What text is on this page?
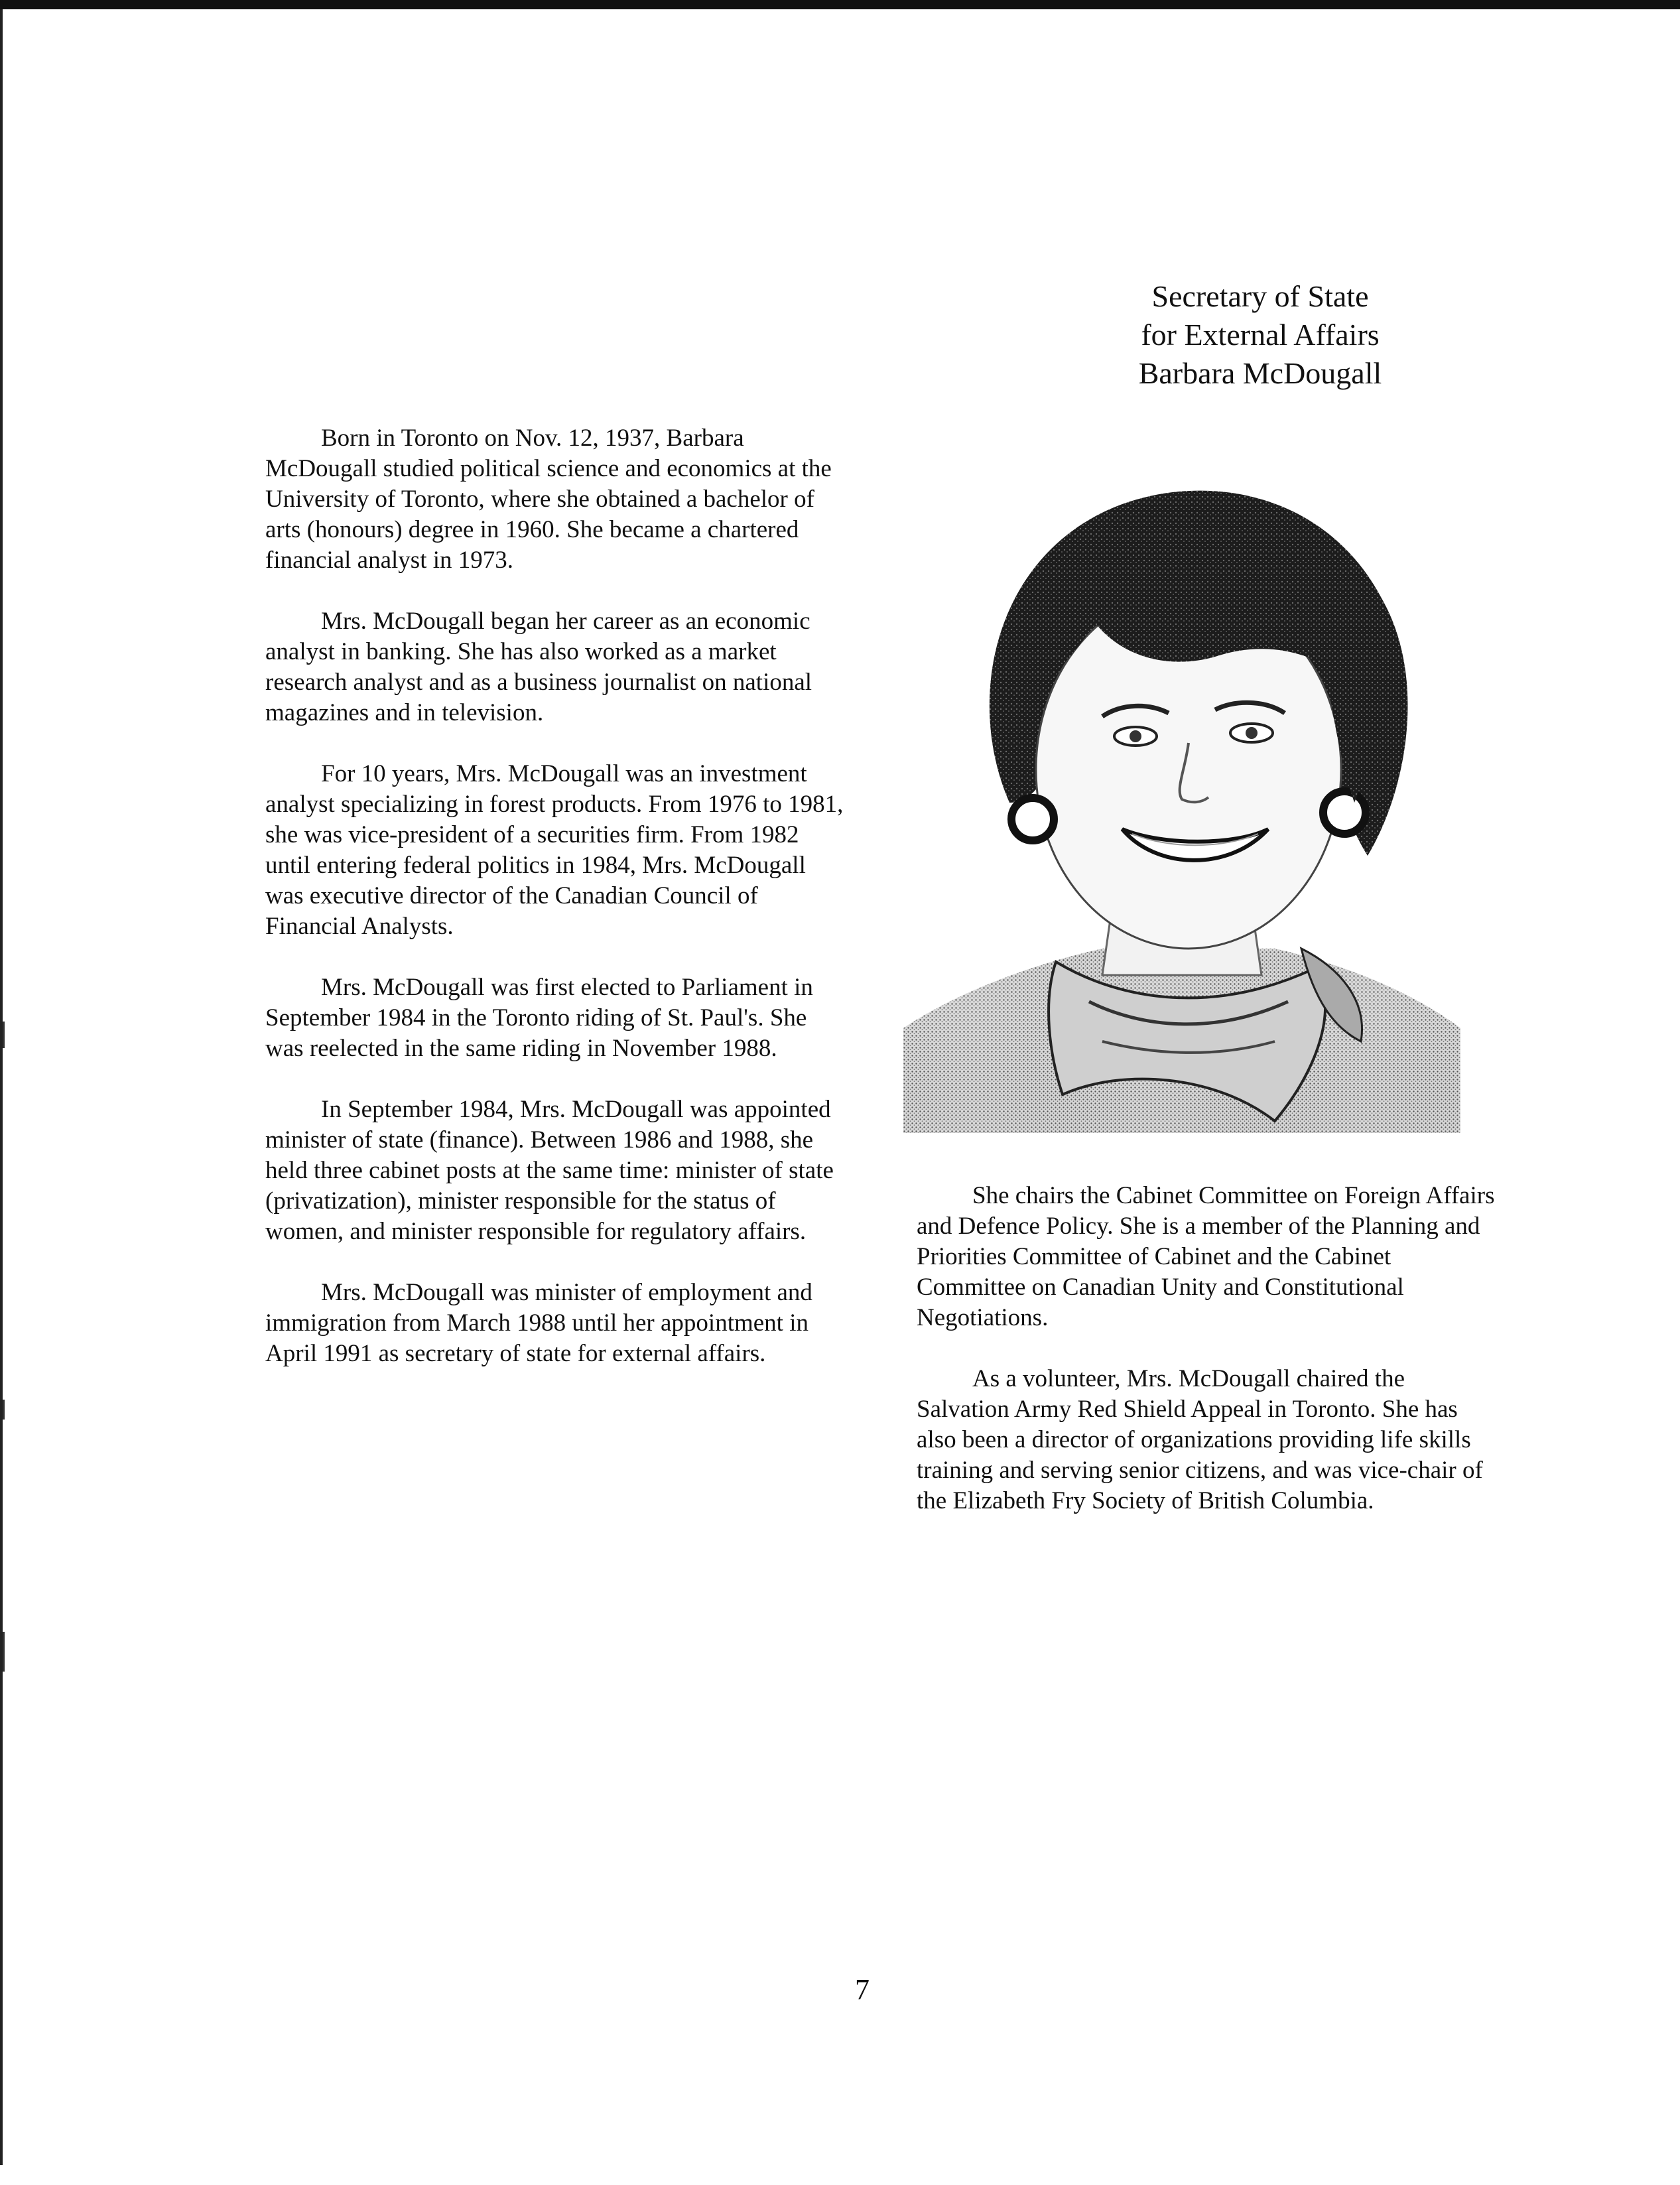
Secretary of State
for External Affairs
Barbara McDougall

Born in Toronto on Nov. 12, 1937, Barbara McDougall studied political science and economics at the University of Toronto, where she obtained a bachelor of arts (honours) degree in 1960. She became a chartered financial analyst in 1973.

Mrs. McDougall began her career as an economic analyst in banking. She has also worked as a market research analyst and as a business journalist on national magazines and in television.

For 10 years, Mrs. McDougall was an investment analyst specializing in forest products. From 1976 to 1981, she was vice-president of a securities firm. From 1982 until entering federal politics in 1984, Mrs. McDougall was executive director of the Canadian Council of Financial Analysts.

Mrs. McDougall was first elected to Parliament in September 1984 in the Toronto riding of St. Paul's. She was reelected in the same riding in November 1988.

In September 1984, Mrs. McDougall was appointed minister of state (finance). Between 1986 and 1988, she held three cabinet posts at the same time: minister of state (privatization), minister responsible for the status of women, and minister responsible for regulatory affairs.

Mrs. McDougall was minister of employment and immigration from March 1988 until her appointment in April 1991 as secretary of state for external affairs.

She chairs the Cabinet Committee on Foreign Affairs and Defence Policy. She is a member of the Planning and Priorities Committee of Cabinet and the Cabinet Committee on Canadian Unity and Constitutional Negotiations.

As a volunteer, Mrs. McDougall chaired the Salvation Army Red Shield Appeal in Toronto. She has also been a director of organizations providing life skills training and serving senior citizens, and was vice-chair of the Elizabeth Fry Society of British Columbia.

7
